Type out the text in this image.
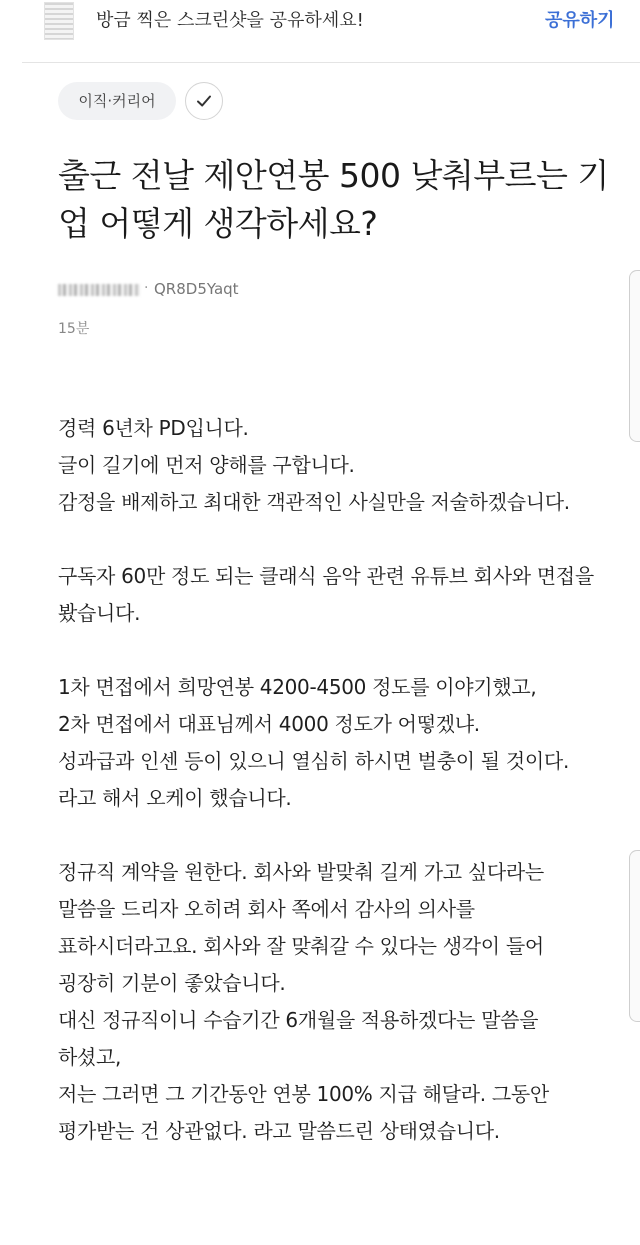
방금 찍은 스크린샷을 공유하세요!	공유하기
이직·커리어
출근 전날 제안연봉 500 낮춰부르는 기업 어떻게 생각하세요?
· QR8D5Yaqt
15분
경력 6년차 PD입니다.
글이 길기에 먼저 양해를 구합니다.
감정을 배제하고 최대한 객관적인 사실만을 저술하겠습니다.
구독자 60만 정도 되는 클래식 음악 관련 유튜브 회사와 면접을
봤습니다.
1차 면접에서 희망연봉 4200-4500 정도를 이야기했고,
2차 면접에서 대표님께서 4000 정도가 어떻겠냐.
성과급과 인센 등이 있으니 열심히 하시면 벌충이 될 것이다.
라고 해서 오케이 했습니다.
정규직 계약을 원한다. 회사와 발맞춰 길게 가고 싶다라는
말씀을 드리자 오히려 회사 쪽에서 감사의 의사를
표하시더라고요. 회사와 잘 맞춰갈 수 있다는 생각이 들어
굉장히 기분이 좋았습니다.
대신 정규직이니 수습기간 6개월을 적용하겠다는 말씀을
하셨고,
저는 그러면 그 기간동안 연봉 100% 지급 해달라. 그동안
평가받는 건 상관없다. 라고 말씀드린 상태였습니다.
